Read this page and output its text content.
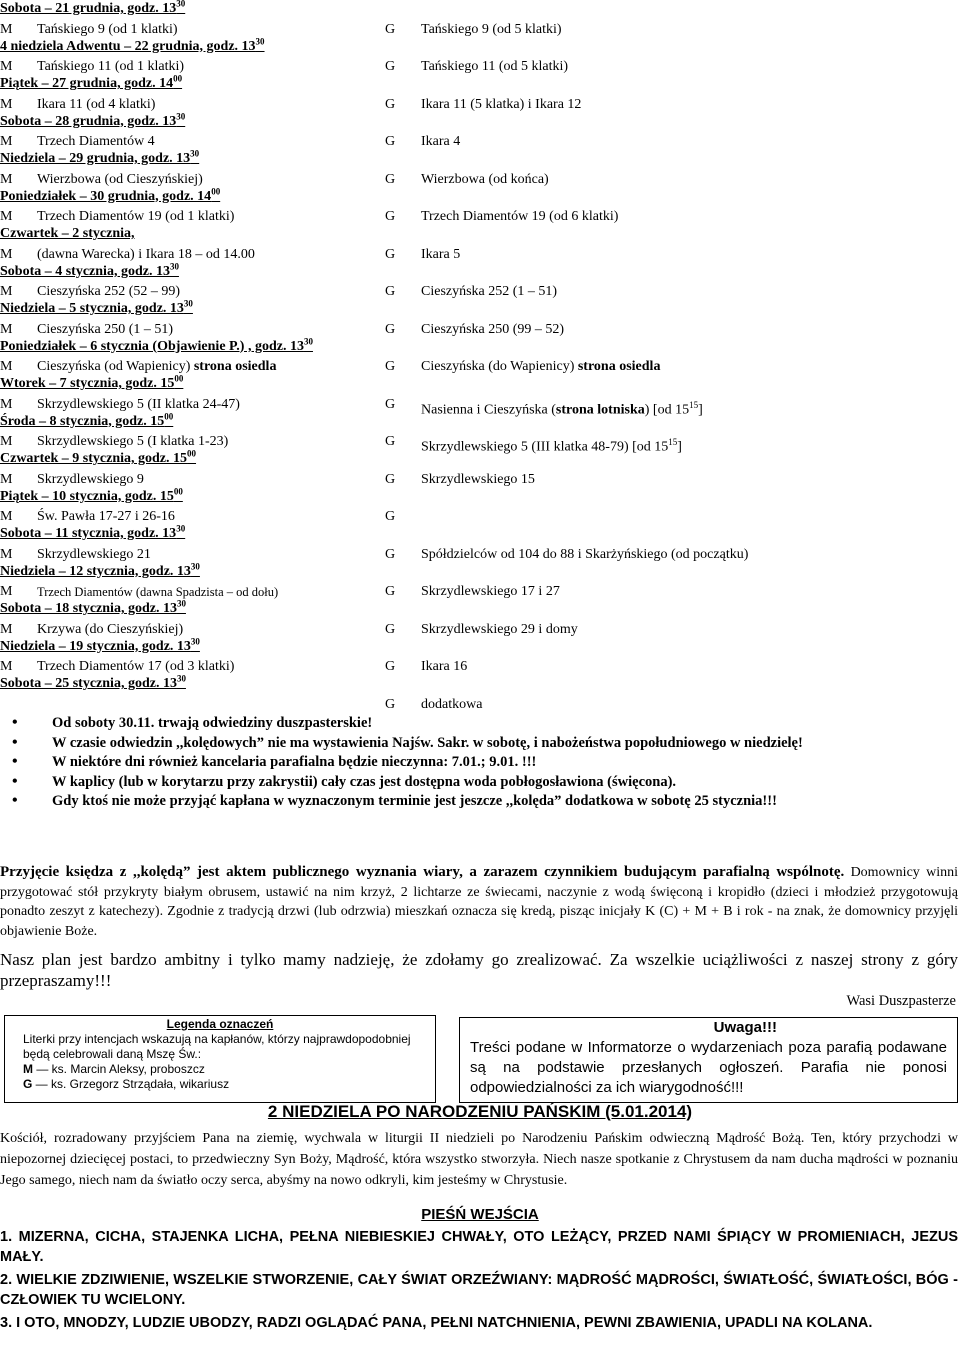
Sobota – 21 grudnia, godz. $13^{30}$
M Tańskiego 9 (od 1 klatki)	G Tańskiego 9 (od 5 klatki)
4 niedziela Adwentu – 22 grudnia, godz. $13^{30}$
M Tańskiego 11 (od 1 klatki)	G Tańskiego 11 (od 5 klatki)
Piątek – 27 grudnia, godz. $14^{00}$
M Ikara 11 (od 4 klatki)	G Ikara 11 (5 klatka) i Ikara 12
Sobota – 28 grudnia, godz. $13^{30}$
M Trzech Diamentów 4	G Ikara 4
Niedziela – 29 grudnia, godz. $13^{30}$
M Wierzbowa (od Cieszyńskiej)	G Wierzbowa (od końca)
Poniedziałek – 30 grudnia, godz. $14^{00}$
M Trzech Diamentów 19 (od 1 klatki)	G Trzech Diamentów 19 (od 6 klatki)
Czwartek – 2 stycznia,
M (dawna Warecka) i Ikara 18 – od 14.00	G Ikara 5
Sobota – 4 stycznia, godz. $13^{30}$
M Cieszyńska 252 (52 – 99)	G Cieszyńska 252 (1 – 51)
Niedziela – 5 stycznia, godz. $13^{30}$
M Cieszyńska 250 (1 – 51)	G Cieszyńska 250 (99 – 52)
Poniedziałek – 6 stycznia (Objawienie P.) , godz. $13^{30}$
M Cieszyńska (od Wapienicy) strona osiedla	G Cieszyńska (do Wapienicy) strona osiedla
Wtorek – 7 stycznia, godz. $15^{00}$
M Skrzydlewskiego 5 (II klatka 24-47)	G Nasienna i Cieszyńska (strona lotniska) [od $15^{15}$]
Środa – 8 stycznia, godz. $15^{00}$
M Skrzydlewskiego 5 (I klatka 1-23)	G Skrzydlewskiego 5 (III klatka 48-79) [od $15^{15}$]
Czwartek – 9 stycznia, godz. $15^{00}$
M Skrzydlewskiego 9	G Skrzydlewskiego 15
Piątek – 10 stycznia, godz. $15^{00}$
M Św. Pawła 17-27 i 26-16	G
Sobota – 11 stycznia, godz. $13^{30}$
M Skrzydlewskiego 21	G Spółdzielców od 104 do 88 i Skarżyńskiego (od początku)
Niedziela – 12 stycznia, godz. $13^{30}$
M Trzech Diamentów (dawna Spadzista – od dołu)	G Skrzydlewskiego 17 i 27
Sobota – 18 stycznia, godz. $13^{30}$
M Krzywa (do Cieszyńskiej)	G Skrzydlewskiego 29 i domy
Niedziela – 19 stycznia, godz. $13^{30}$
M Trzech Diamentów 17 (od 3 klatki)	G Ikara 16
Sobota – 25 stycznia, godz. $13^{30}$
G dodatkowa
• Od soboty 30.11. trwają odwiedziny duszpasterskie!
• W czasie odwiedzin ,,kolędowych” nie ma wystawienia Najśw. Sakr. w sobotę, i nabożeństwa popołudniowego w niedzielę!
• W niektóre dni również kancelaria parafialna będzie nieczynna: 7.01.; 9.01. !!!
• W kaplicy (lub w korytarzu przy zakrystii) cały czas jest dostępna woda pobłogosławiona (święcona).
• Gdy ktoś nie może przyjąć kapłana w wyznaczonym terminie jest jeszcze ,,kolęda” dodatkowa w sobotę 25 stycznia!!!
Przyjęcie księdza z ,,kolędą” jest aktem publicznego wyznania wiary, a zarazem czynnikiem budującym parafialną wspólnotę. Domownicy winni przygotować stół przykryty białym obrusem, ustawić na nim krzyż, 2 lichtarze ze świecami, naczynie z wodą święconą i kropidło (dzieci i młodzież przygotowują ponadto zeszyt z katechezy). Zgodnie z tradycją drzwi (lub odrzwia) mieszkań oznacza się kredą, pisząc inicjały K (C) + M + B i rok - na znak, że domownicy przyjęli objawienie Boże.
Nasz plan jest bardzo ambitny i tylko mamy nadzieję, że zdołamy go zrealizować. Za wszelkie uciążliwości z naszej strony z góry przepraszamy!!!
Wasi Duszpasterze
Legenda oznaczeń
Literki przy intencjach wskazują na kapłanów, którzy najprawdopodobniej będą celebrowali daną Mszę Św.:
M — ks. Marcin Aleksy, proboszcz
G — ks. Grzegorz Strządała, wikariusz
Uwaga!!!
Treści podane w Informatorze o wydarzeniach poza parafią podawane są na podstawie przesłanych ogłoszeń. Parafia nie ponosi odpowiedzialności za ich wiarygodność!!!
2 NIEDZIELA PO NARODZENIU PAŃSKIM (5.01.2014)
Kościół, rozradowany przyjściem Pana na ziemię, wychwala w liturgii II niedzieli po Narodzeniu Pańskim odwieczną Mądrość Bożą. Ten, który przychodzi w niepozornej dziecięcej postaci, to przedwieczny Syn Boży, Mądrość, która wszystko stworzyła. Niech nasze spotkanie z Chrystusem da nam ducha mądrości w poznaniu Jego samego, niech nam da światło oczy serca, abyśmy na nowo odkryli, kim jesteśmy w Chrystusie.
PIEŚŃ WEJŚCIA
1. MIZERNA, CICHA, STAJENKA LICHA, PEŁNA NIEBIESKIEJ CHWAŁY, OTO LEŻĄCY, PRZED NAMI ŚPIĄCY W PROMIENIACH, JEZUS MAŁY.
2. WIELKIE ZDZIWIENIE, WSZELKIE STWORZENIE, CAŁY ŚWIAT ORZEŹWIANY: MĄDROŚĆ MĄDROŚCI, ŚWIATŁOŚĆ, ŚWIATŁOŚCI, BÓG - CZŁOWIEK TU WCIELONY.
3. I OTO, MNODZY, LUDZIE UBODZY, RADZI OGLĄDAĆ PANA, PEŁNI NATCHNIENIA, PEWNI ZBAWIENIA, UPADLI NA KOLANA.
